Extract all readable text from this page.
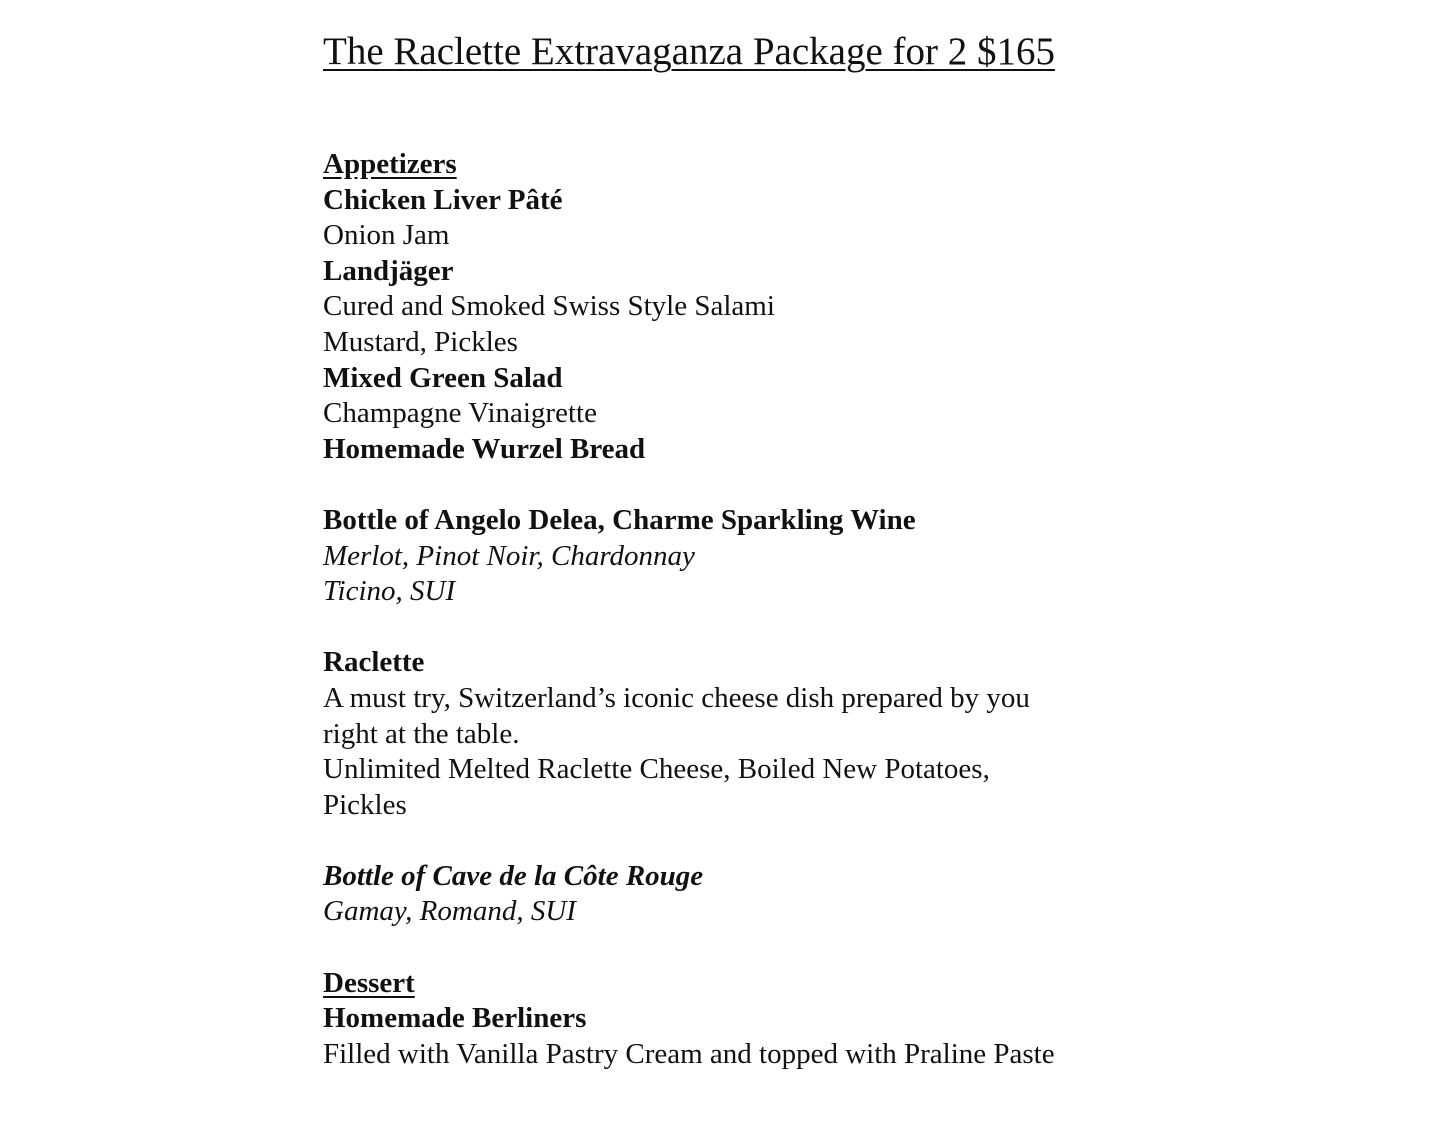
The Raclette Extravaganza Package for 2 $165
Appetizers
Chicken Liver Pâté
Onion Jam
Landjäger
Cured and Smoked Swiss Style Salami
Mustard, Pickles
Mixed Green Salad
Champagne Vinaigrette
Homemade Wurzel Bread
Bottle of Angelo Delea, Charme Sparkling Wine
Merlot, Pinot Noir, Chardonnay
Ticino, SUI
Raclette
A must try, Switzerland’s iconic cheese dish prepared by you
right at the table.
Unlimited Melted Raclette Cheese, Boiled New Potatoes,
Pickles
Bottle of Cave de la Côte Rouge
Gamay, Romand, SUI
Dessert
Homemade Berliners
Filled with Vanilla Pastry Cream and topped with Praline Paste
